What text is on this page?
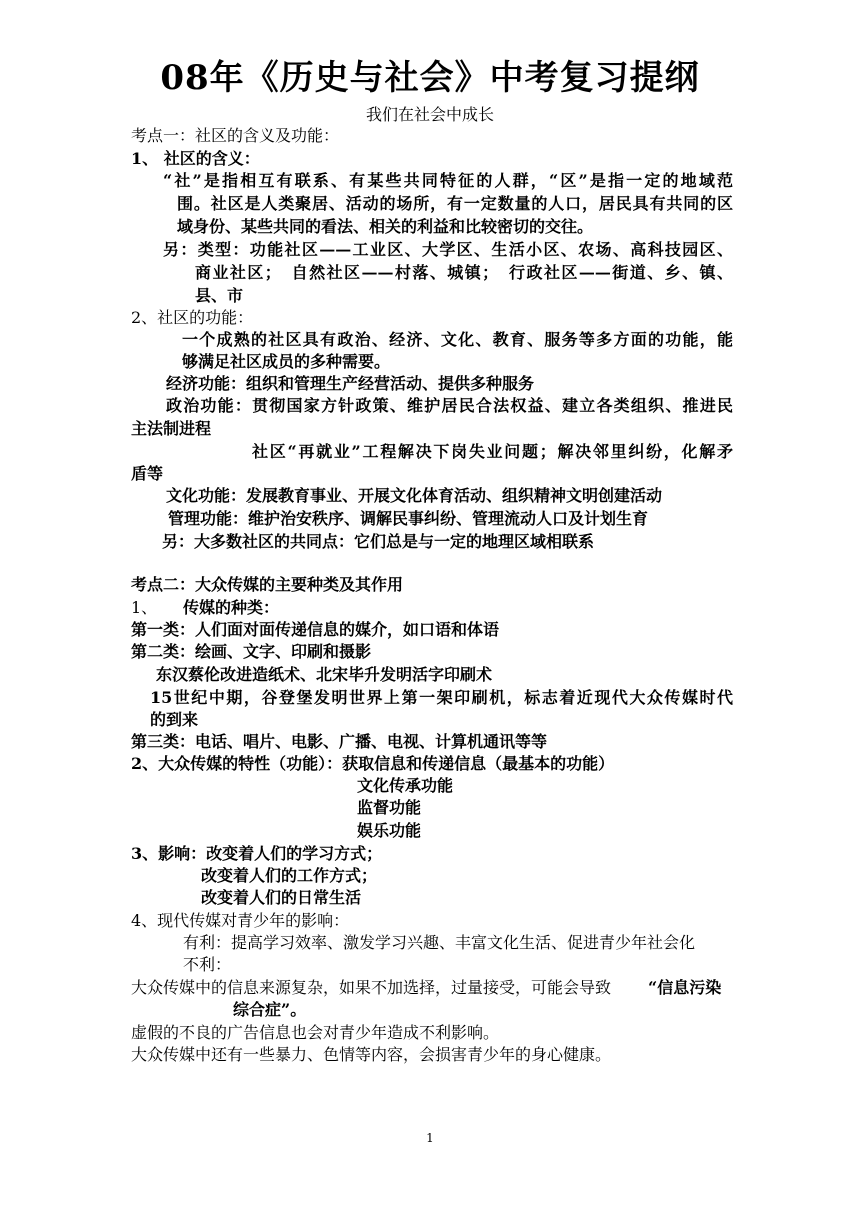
08年《历史与社会》中考复习提纲
我们在社会中成长
考点一：社区的含义及功能：
1、 社区的含义：
“社”是指相互有联系、有某些共同特征的人群，“区”是指一定的地域范
围。社区是人类聚居、活动的场所，有一定数量的人口，居民具有共同的区
域身份、某些共同的看法、相关的利益和比较密切的交往。
另：类型：功能社区——工业区、大学区、生活小区、农场、高科技园区、
商业社区；　自然社区——村落、城镇；　行政社区——街道、乡、镇、
县、市
2、社区的功能：
一个成熟的社区具有政治、经济、文化、教育、服务等多方面的功能，能
够满足社区成员的多种需要。
经济功能：组织和管理生产经营活动、提供多种服务
政治功能：贯彻国家方针政策、维护居民合法权益、建立各类组织、推进民
主法制进程
社区“再就业”工程解决下岗失业问题；解决邻里纠纷，化解矛
盾等
文化功能：发展教育事业、开展文化体育活动、组织精神文明创建活动
管理功能：维护治安秩序、调解民事纠纷、管理流动人口及计划生育
另：大多数社区的共同点：它们总是与一定的地理区域相联系
考点二：大众传媒的主要种类及其作用
1、 传媒的种类：
第一类：人们面对面传递信息的媒介，如口语和体语
第二类：绘画、文字、印刷和摄影
东汉蔡伦改进造纸术、北宋毕升发明活字印刷术
15世纪中期，谷登堡发明世界上第一架印刷机，标志着近现代大众传媒时代
的到来
第三类：电话、唱片、电影、广播、电视、计算机通讯等等
2、大众传媒的特性（功能）：获取信息和传递信息（最基本的功能）
文化传承功能
监督功能
娱乐功能
3、影响：改变着人们的学习方式；
改变着人们的工作方式；
改变着人们的日常生活
4、现代传媒对青少年的影响：
有利：提高学习效率、激发学习兴趣、丰富文化生活、促进青少年社会化
不利：
大众传媒中的信息来源复杂，如果不加选择，过量接受，可能会导致 “信息污染
综合症”。
虚假的不良的广告信息也会对青少年造成不利影响。
大众传媒中还有一些暴力、色情等内容，会损害青少年的身心健康。
1
